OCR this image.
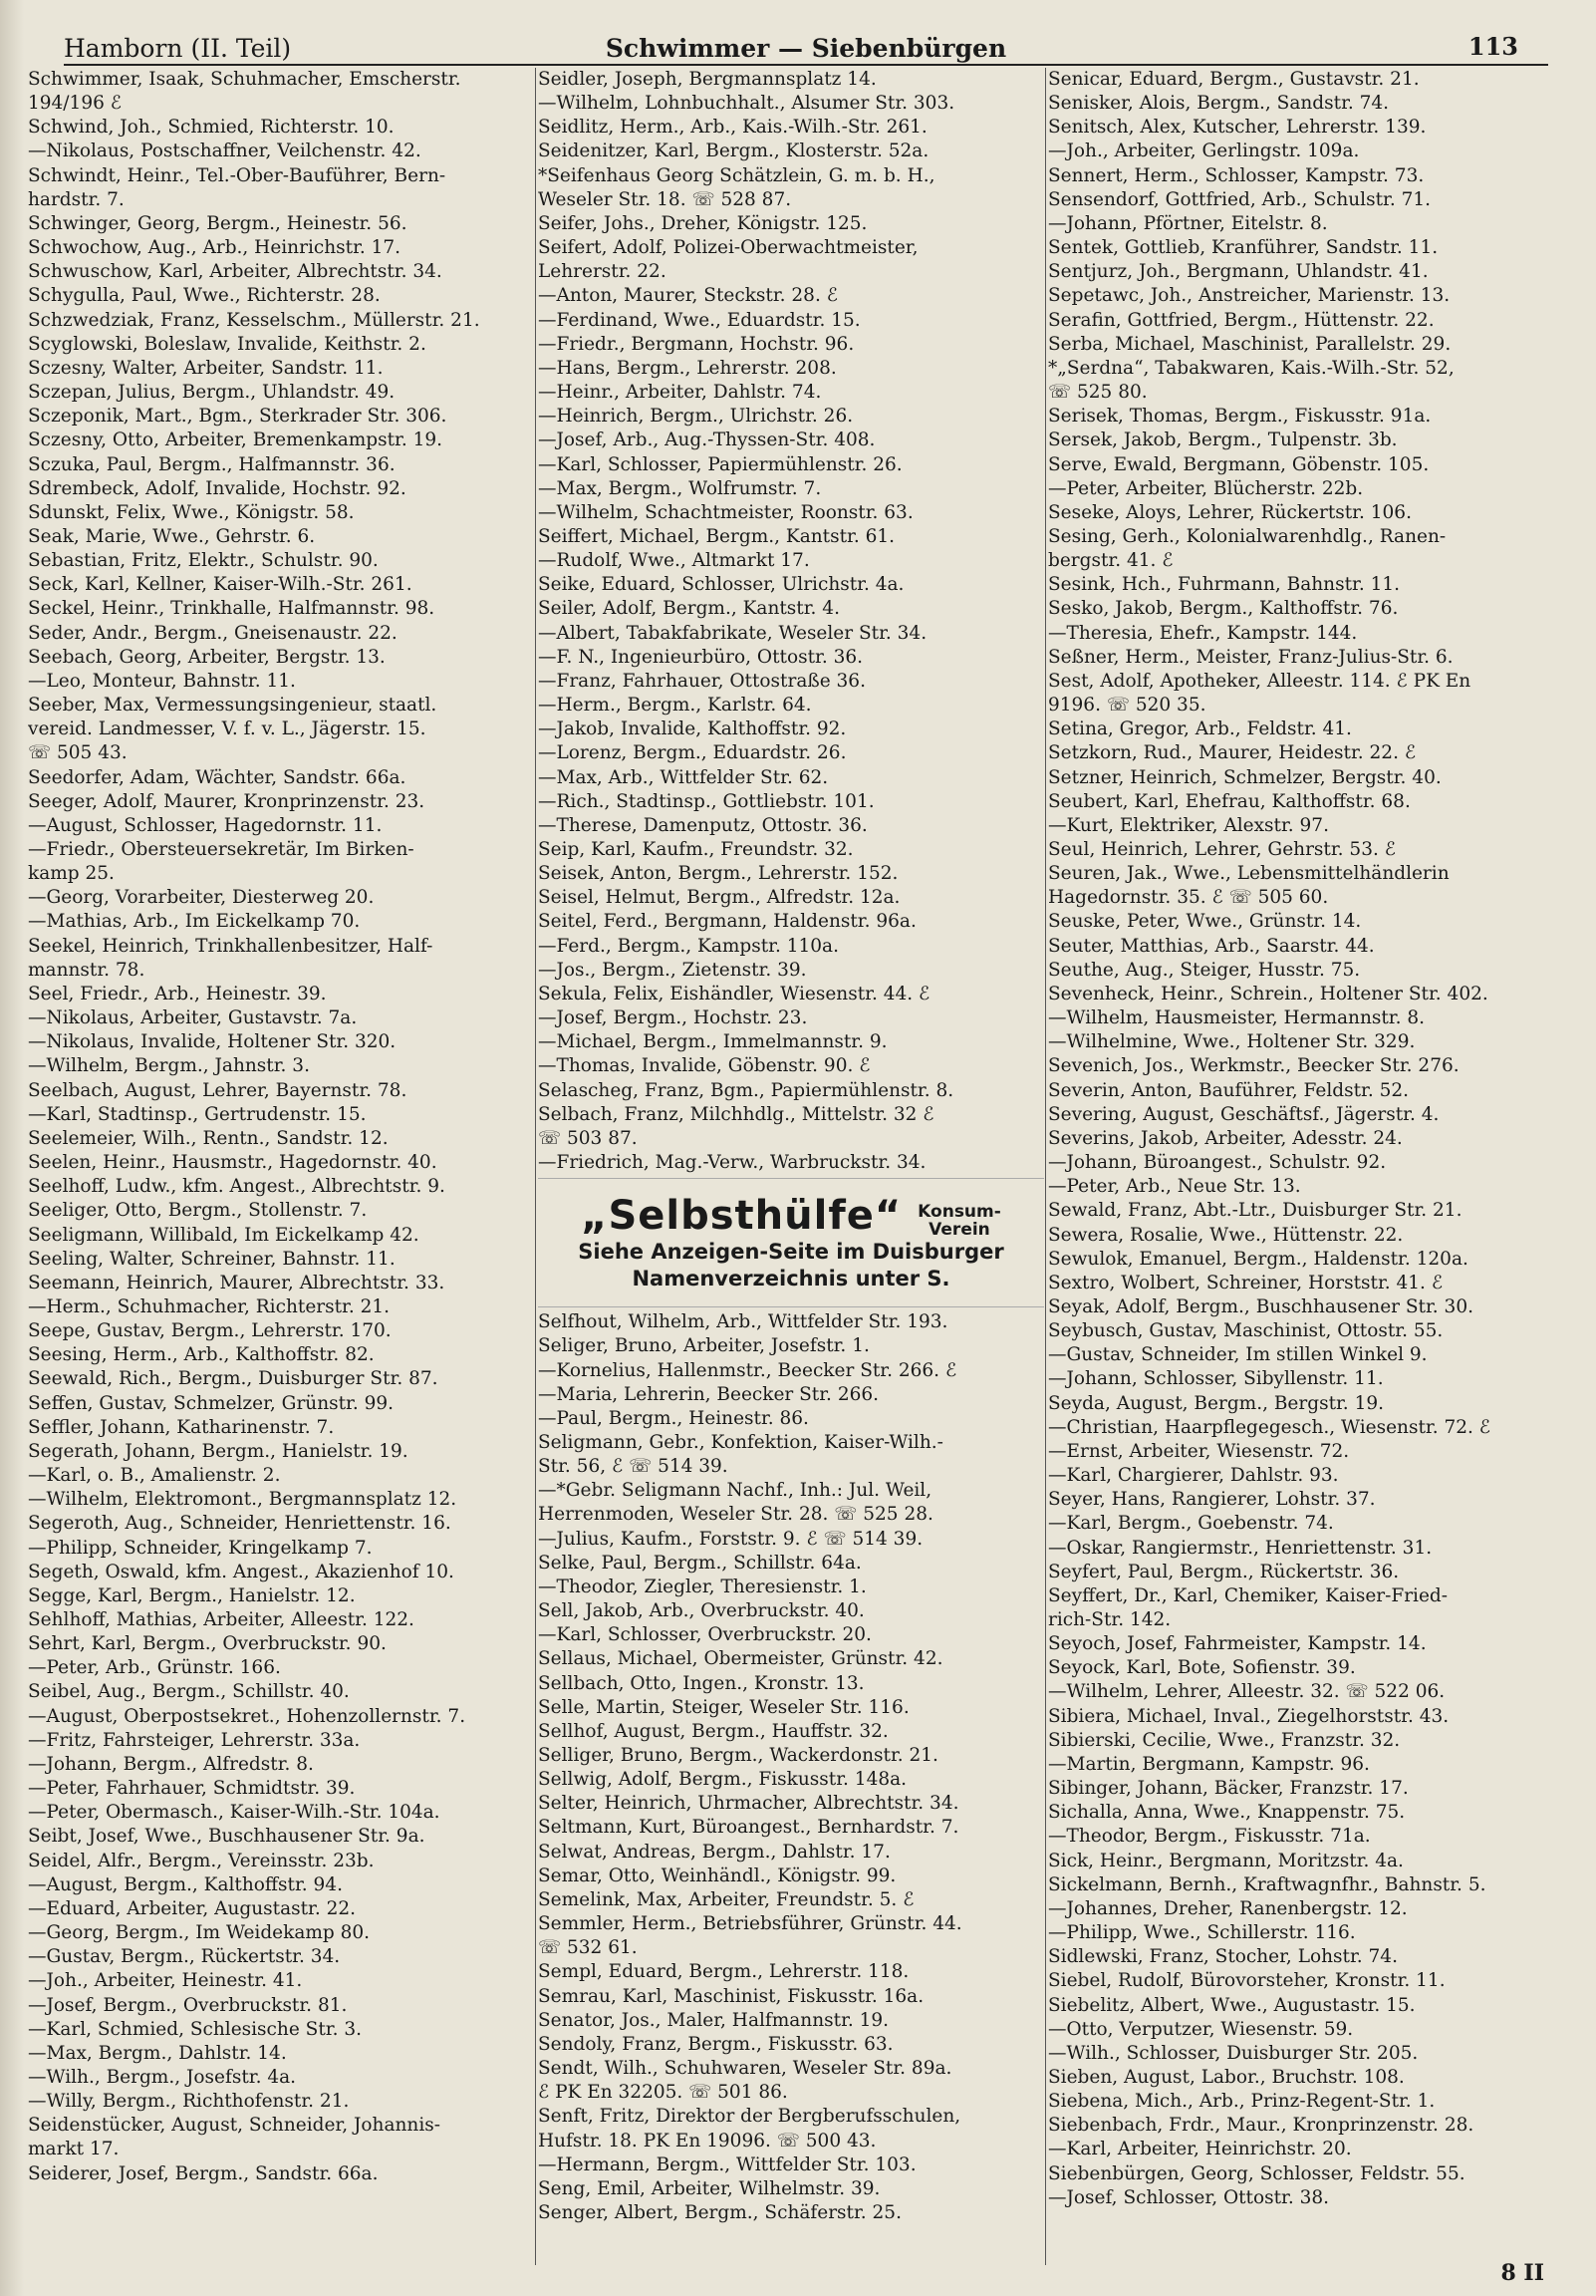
Hamborn (II. Teil)	Schwimmer — Siebenbürgen	113
Schwimmer, Isaak, Schuhmacher, Emscherstr.
194/196 ℰ
Schwind, Joh., Schmied, Richterstr. 10.
—Nikolaus, Postschaffner, Veilchenstr. 42.
Schwindt, Heinr., Tel.-Ober-Bauführer, Bern-
hardstr. 7.
Schwinger, Georg, Bergm., Heinestr. 56.
Schwochow, Aug., Arb., Heinrichstr. 17.
Schwuschow, Karl, Arbeiter, Albrechtstr. 34.
Schygulla, Paul, Wwe., Richterstr. 28.
Schzwedziak, Franz, Kesselschm., Müllerstr. 21.
Scyglowski, Boleslaw, Invalide, Keithstr. 2.
Sczesny, Walter, Arbeiter, Sandstr. 11.
Sczepan, Julius, Bergm., Uhlandstr. 49.
Sczeponik, Mart., Bgm., Sterkrader Str. 306.
Sczesny, Otto, Arbeiter, Bremenkampstr. 19.
Sczuka, Paul, Bergm., Halfmannstr. 36.
Sdrembeck, Adolf, Invalide, Hochstr. 92.
Sdunskt, Felix, Wwe., Königstr. 58.
Seak, Marie, Wwe., Gehrstr. 6.
Sebastian, Fritz, Elektr., Schulstr. 90.
Seck, Karl, Kellner, Kaiser-Wilh.-Str. 261.
Seckel, Heinr., Trinkhalle, Halfmannstr. 98.
Seder, Andr., Bergm., Gneisenaustr. 22.
Seebach, Georg, Arbeiter, Bergstr. 13.
—Leo, Monteur, Bahnstr. 11.
Seeber, Max, Vermessungsingenieur, staatl.
vereid. Landmesser, V. f. v. L., Jägerstr. 15.
☏ 505 43.
Seedorfer, Adam, Wächter, Sandstr. 66a.
Seeger, Adolf, Maurer, Kronprinzenstr. 23.
—August, Schlosser, Hagedornstr. 11.
—Friedr., Obersteuersekretär, Im Birken-
kamp 25.
—Georg, Vorarbeiter, Diesterweg 20.
—Mathias, Arb., Im Eickelkamp 70.
Seekel, Heinrich, Trinkhallenbesitzer, Half-
mannstr. 78.
Seel, Friedr., Arb., Heinestr. 39.
—Nikolaus, Arbeiter, Gustavstr. 7a.
—Nikolaus, Invalide, Holtener Str. 320.
—Wilhelm, Bergm., Jahnstr. 3.
Seelbach, August, Lehrer, Bayernstr. 78.
—Karl, Stadtinsp., Gertrudenstr. 15.
Seelemeier, Wilh., Rentn., Sandstr. 12.
Seelen, Heinr., Hausmstr., Hagedornstr. 40.
Seelhoff, Ludw., kfm. Angest., Albrechtstr. 9.
Seeliger, Otto, Bergm., Stollenstr. 7.
Seeligmann, Willibald, Im Eickelkamp 42.
Seeling, Walter, Schreiner, Bahnstr. 11.
Seemann, Heinrich, Maurer, Albrechtstr. 33.
—Herm., Schuhmacher, Richterstr. 21.
Seepe, Gustav, Bergm., Lehrerstr. 170.
Seesing, Herm., Arb., Kalthoffstr. 82.
Seewald, Rich., Bergm., Duisburger Str. 87.
Seffen, Gustav, Schmelzer, Grünstr. 99.
Seffler, Johann, Katharinenstr. 7.
Segerath, Johann, Bergm., Hanielstr. 19.
—Karl, o. B., Amalienstr. 2.
—Wilhelm, Elektromont., Bergmannsplatz 12.
Segeroth, Aug., Schneider, Henriettenstr. 16.
—Philipp, Schneider, Kringelkamp 7.
Segeth, Oswald, kfm. Angest., Akazienhof 10.
Segge, Karl, Bergm., Hanielstr. 12.
Sehlhoff, Mathias, Arbeiter, Alleestr. 122.
Sehrt, Karl, Bergm., Overbruckstr. 90.
—Peter, Arb., Grünstr. 166.
Seibel, Aug., Bergm., Schillstr. 40.
—August, Oberpostsekret., Hohenzollernstr. 7.
—Fritz, Fahrsteiger, Lehrerstr. 33a.
—Johann, Bergm., Alfredstr. 8.
—Peter, Fahrhauer, Schmidtstr. 39.
—Peter, Obermasch., Kaiser-Wilh.-Str. 104a.
Seibt, Josef, Wwe., Buschhausener Str. 9a.
Seidel, Alfr., Bergm., Vereinsstr. 23b.
—August, Bergm., Kalthoffstr. 94.
—Eduard, Arbeiter, Augustastr. 22.
—Georg, Bergm., Im Weidekamp 80.
—Gustav, Bergm., Rückertstr. 34.
—Joh., Arbeiter, Heinestr. 41.
—Josef, Bergm., Overbruckstr. 81.
—Karl, Schmied, Schlesische Str. 3.
—Max, Bergm., Dahlstr. 14.
—Wilh., Bergm., Josefstr. 4a.
—Willy, Bergm., Richthofenstr. 21.
Seidenstücker, August, Schneider, Johannis-
markt 17.
Seiderer, Josef, Bergm., Sandstr. 66a.
Seidler, Joseph, Bergmannsplatz 14.
—Wilhelm, Lohnbuchhalt., Alsumer Str. 303.
Seidlitz, Herm., Arb., Kais.-Wilh.-Str. 261.
Seidenitzer, Karl, Bergm., Klosterstr. 52a.
*Seifenhaus Georg Schätzlein, G. m. b. H.,
Weseler Str. 18. ☏ 528 87.
Seifer, Johs., Dreher, Königstr. 125.
Seifert, Adolf, Polizei-Oberwachtmeister,
Lehrerstr. 22.
—Anton, Maurer, Steckstr. 28. ℰ
—Ferdinand, Wwe., Eduardstr. 15.
—Friedr., Bergmann, Hochstr. 96.
—Hans, Bergm., Lehrerstr. 208.
—Heinr., Arbeiter, Dahlstr. 74.
—Heinrich, Bergm., Ulrichstr. 26.
—Josef, Arb., Aug.-Thyssen-Str. 408.
—Karl, Schlosser, Papiermühlenstr. 26.
—Max, Bergm., Wolfrumstr. 7.
—Wilhelm, Schachtmeister, Roonstr. 63.
Seiffert, Michael, Bergm., Kantstr. 61.
—Rudolf, Wwe., Altmarkt 17.
Seike, Eduard, Schlosser, Ulrichstr. 4a.
Seiler, Adolf, Bergm., Kantstr. 4.
—Albert, Tabakfabrikate, Weseler Str. 34.
—F. N., Ingenieurbüro, Ottostr. 36.
—Franz, Fahrhauer, Ottostraße 36.
—Herm., Bergm., Karlstr. 64.
—Jakob, Invalide, Kalthoffstr. 92.
—Lorenz, Bergm., Eduardstr. 26.
—Max, Arb., Wittfelder Str. 62.
—Rich., Stadtinsp., Gottliebstr. 101.
—Therese, Damenputz, Ottostr. 36.
Seip, Karl, Kaufm., Freundstr. 32.
Seisek, Anton, Bergm., Lehrerstr. 152.
Seisel, Helmut, Bergm., Alfredstr. 12a.
Seitel, Ferd., Bergmann, Haldenstr. 96a.
—Ferd., Bergm., Kampstr. 110a.
—Jos., Bergm., Zietenstr. 39.
Sekula, Felix, Eishändler, Wiesenstr. 44. ℰ
—Josef, Bergm., Hochstr. 23.
—Michael, Bergm., Immelmannstr. 9.
—Thomas, Invalide, Göbenstr. 90. ℰ
Selascheg, Franz, Bgm., Papiermühlenstr. 8.
Selbach, Franz, Milchhdlg., Mittelstr. 32 ℰ
☏ 503 87.
—Friedrich, Mag.-Verw., Warbruckstr. 34.
„Selbsthülfe“ Konsum-
Verein
Siehe Anzeigen-Seite im Duisburger
Namenverzeichnis unter S.
Selfhout, Wilhelm, Arb., Wittfelder Str. 193.
Seliger, Bruno, Arbeiter, Josefstr. 1.
—Kornelius, Hallenmstr., Beecker Str. 266. ℰ
—Maria, Lehrerin, Beecker Str. 266.
—Paul, Bergm., Heinestr. 86.
Seligmann, Gebr., Konfektion, Kaiser-Wilh.-
Str. 56, ℰ ☏ 514 39.
—*Gebr. Seligmann Nachf., Inh.: Jul. Weil,
Herrenmoden, Weseler Str. 28. ☏ 525 28.
—Julius, Kaufm., Forststr. 9. ℰ ☏ 514 39.
Selke, Paul, Bergm., Schillstr. 64a.
—Theodor, Ziegler, Theresienstr. 1.
Sell, Jakob, Arb., Overbruckstr. 40.
—Karl, Schlosser, Overbruckstr. 20.
Sellaus, Michael, Obermeister, Grünstr. 42.
Sellbach, Otto, Ingen., Kronstr. 13.
Selle, Martin, Steiger, Weseler Str. 116.
Sellhof, August, Bergm., Hauffstr. 32.
Selliger, Bruno, Bergm., Wackerdonstr. 21.
Sellwig, Adolf, Bergm., Fiskusstr. 148a.
Selter, Heinrich, Uhrmacher, Albrechtstr. 34.
Seltmann, Kurt, Büroangest., Bernhardstr. 7.
Selwat, Andreas, Bergm., Dahlstr. 17.
Semar, Otto, Weinhändl., Königstr. 99.
Semelink, Max, Arbeiter, Freundstr. 5. ℰ
Semmler, Herm., Betriebsführer, Grünstr. 44.
☏ 532 61.
Sempl, Eduard, Bergm., Lehrerstr. 118.
Semrau, Karl, Maschinist, Fiskusstr. 16a.
Senator, Jos., Maler, Halfmannstr. 19.
Sendoly, Franz, Bergm., Fiskusstr. 63.
Sendt, Wilh., Schuhwaren, Weseler Str. 89a.
ℰ PK En 32205. ☏ 501 86.
Senft, Fritz, Direktor der Bergberufsschulen,
Hufstr. 18. PK En 19096. ☏ 500 43.
—Hermann, Bergm., Wittfelder Str. 103.
Seng, Emil, Arbeiter, Wilhelmstr. 39.
Senger, Albert, Bergm., Schäferstr. 25.
Senicar, Eduard, Bergm., Gustavstr. 21.
Senisker, Alois, Bergm., Sandstr. 74.
Senitsch, Alex, Kutscher, Lehrerstr. 139.
—Joh., Arbeiter, Gerlingstr. 109a.
Sennert, Herm., Schlosser, Kampstr. 73.
Sensendorf, Gottfried, Arb., Schulstr. 71.
—Johann, Pförtner, Eitelstr. 8.
Sentek, Gottlieb, Kranführer, Sandstr. 11.
Sentjurz, Joh., Bergmann, Uhlandstr. 41.
Sepetawc, Joh., Anstreicher, Marienstr. 13.
Serafin, Gottfried, Bergm., Hüttenstr. 22.
Serba, Michael, Maschinist, Parallelstr. 29.
*„Serdna“, Tabakwaren, Kais.-Wilh.-Str. 52,
☏ 525 80.
Serisek, Thomas, Bergm., Fiskusstr. 91a.
Sersek, Jakob, Bergm., Tulpenstr. 3b.
Serve, Ewald, Bergmann, Göbenstr. 105.
—Peter, Arbeiter, Blücherstr. 22b.
Seseke, Aloys, Lehrer, Rückertstr. 106.
Sesing, Gerh., Kolonialwarenhdlg., Ranen-
bergstr. 41. ℰ
Sesink, Hch., Fuhrmann, Bahnstr. 11.
Sesko, Jakob, Bergm., Kalthoffstr. 76.
—Theresia, Ehefr., Kampstr. 144.
Seßner, Herm., Meister, Franz-Julius-Str. 6.
Sest, Adolf, Apotheker, Alleestr. 114. ℰ PK En
9196. ☏ 520 35.
Setina, Gregor, Arb., Feldstr. 41.
Setzkorn, Rud., Maurer, Heidestr. 22. ℰ
Setzner, Heinrich, Schmelzer, Bergstr. 40.
Seubert, Karl, Ehefrau, Kalthoffstr. 68.
—Kurt, Elektriker, Alexstr. 97.
Seul, Heinrich, Lehrer, Gehrstr. 53. ℰ
Seuren, Jak., Wwe., Lebensmittelhändlerin
Hagedornstr. 35. ℰ ☏ 505 60.
Seuske, Peter, Wwe., Grünstr. 14.
Seuter, Matthias, Arb., Saarstr. 44.
Seuthe, Aug., Steiger, Husstr. 75.
Sevenheck, Heinr., Schrein., Holtener Str. 402.
—Wilhelm, Hausmeister, Hermannstr. 8.
—Wilhelmine, Wwe., Holtener Str. 329.
Sevenich, Jos., Werkmstr., Beecker Str. 276.
Severin, Anton, Bauführer, Feldstr. 52.
Severing, August, Geschäftsf., Jägerstr. 4.
Severins, Jakob, Arbeiter, Adesstr. 24.
—Johann, Büroangest., Schulstr. 92.
—Peter, Arb., Neue Str. 13.
Sewald, Franz, Abt.-Ltr., Duisburger Str. 21.
Sewera, Rosalie, Wwe., Hüttenstr. 22.
Sewulok, Emanuel, Bergm., Haldenstr. 120a.
Sextro, Wolbert, Schreiner, Horststr. 41. ℰ
Seyak, Adolf, Bergm., Buschhausener Str. 30.
Seybusch, Gustav, Maschinist, Ottostr. 55.
—Gustav, Schneider, Im stillen Winkel 9.
—Johann, Schlosser, Sibyllenstr. 11.
Seyda, August, Bergm., Bergstr. 19.
—Christian, Haarpflegegesch., Wiesenstr. 72. ℰ
—Ernst, Arbeiter, Wiesenstr. 72.
—Karl, Chargierer, Dahlstr. 93.
Seyer, Hans, Rangierer, Lohstr. 37.
—Karl, Bergm., Goebenstr. 74.
—Oskar, Rangiermstr., Henriettenstr. 31.
Seyfert, Paul, Bergm., Rückertstr. 36.
Seyffert, Dr., Karl, Chemiker, Kaiser-Fried-
rich-Str. 142.
Seyoch, Josef, Fahrmeister, Kampstr. 14.
Seyock, Karl, Bote, Sofienstr. 39.
—Wilhelm, Lehrer, Alleestr. 32. ☏ 522 06.
Sibiera, Michael, Inval., Ziegelhorststr. 43.
Sibierski, Cecilie, Wwe., Franzstr. 32.
—Martin, Bergmann, Kampstr. 96.
Sibinger, Johann, Bäcker, Franzstr. 17.
Sichalla, Anna, Wwe., Knappenstr. 75.
—Theodor, Bergm., Fiskusstr. 71a.
Sick, Heinr., Bergmann, Moritzstr. 4a.
Sickelmann, Bernh., Kraftwagnfhr., Bahnstr. 5.
—Johannes, Dreher, Ranenbergstr. 12.
—Philipp, Wwe., Schillerstr. 116.
Sidlewski, Franz, Stocher, Lohstr. 74.
Siebel, Rudolf, Bürovorsteher, Kronstr. 11.
Siebelitz, Albert, Wwe., Augustastr. 15.
—Otto, Verputzer, Wiesenstr. 59.
—Wilh., Schlosser, Duisburger Str. 205.
Sieben, August, Labor., Bruchstr. 108.
Siebena, Mich., Arb., Prinz-Regent-Str. 1.
Siebenbach, Frdr., Maur., Kronprinzenstr. 28.
—Karl, Arbeiter, Heinrichstr. 20.
Siebenbürgen, Georg, Schlosser, Feldstr. 55.
—Josef, Schlosser, Ottostr. 38.
8 II
